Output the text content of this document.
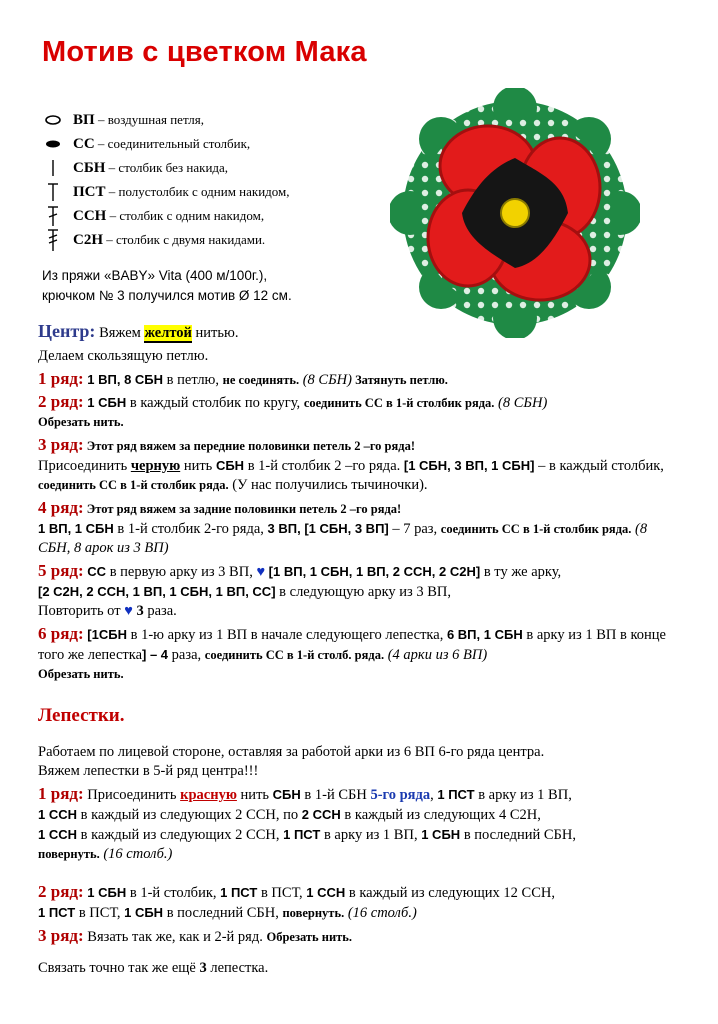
Мотив с цветком Мака
ВП – воздушная петля,
СС – соединительный столбик,
СБН – столбик без накида,
ПСТ – полустолбик с одним накидом,
ССН – столбик с одним накидом,
С2Н – столбик с двумя накидами.
Из пряжи «BABY» Vita (400 м/100г.),
крючком № 3 получился мотив Ø 12 см.

Центр: Вяжем желтой нитью.

Делаем скользящую петлю.

1 ряд: 1 ВП, 8 СБН в петлю, не соединять. (8 СБН) Затянуть петлю.

2 ряд: 1 СБН в каждый столбик по кругу, соединить СС в 1-й столбик ряда. (8 СБН)
Обрезать нить.

3 ряд: Этот ряд вяжем за передние половинки петель 2 –го ряда!
Присоединить черную нить СБН в 1-й столбик 2 –го ряда. [1 СБН, 3 ВП, 1 СБН] – в каждый столбик, соединить СС в 1-й столбик ряда. (У нас получились тычиночки).

4 ряд: Этот ряд вяжем за задние половинки петель 2 –го ряда!
1 ВП, 1 СБН в 1-й столбик 2-го ряда, 3 ВП, [1 СБН, 3 ВП] – 7 раз, соединить СС в 1-й столбик ряда. (8 СБН, 8 арок из 3 ВП)

5 ряд: СС в первую арку из 3 ВП, ♥ [1 ВП, 1 СБН, 1 ВП, 2 ССН, 2 С2Н] в ту же арку,
[2 С2Н, 2 ССН, 1 ВП, 1 СБН, 1 ВП, СС] в следующую арку из 3 ВП,
Повторить от ♥ 3 раза.

6 ряд: [1СБН в 1-ю арку из 1 ВП в начале следующего лепестка, 6 ВП, 1 СБН в арку из 1 ВП в конце того же лепестка] – 4 раза, соединить СС в 1-й столб. ряда. (4 арки из 6 ВП)
Обрезать нить.

Лепестки.

Работаем по лицевой стороне, оставляя за работой арки из 6 ВП 6-го ряда центра.

Вяжем лепестки в 5-й ряд центра!!!

1 ряд: Присоединить красную нить СБН в 1-й СБН 5-го ряда, 1 ПСТ в арку из 1 ВП,
1 ССН в каждый из следующих 2 ССН, по 2 ССН в каждый из следующих 4 С2Н,
1 ССН в каждый из следующих 2 ССН, 1 ПСТ в арку из 1 ВП, 1 СБН в последний СБН,
повернуть. (16 столб.)

2 ряд: 1 СБН в 1-й столбик, 1 ПСТ в ПСТ, 1 ССН в каждый из следующих 12 ССН,
1 ПСТ в ПСТ, 1 СБН в последний СБН, повернуть. (16 столб.)

3 ряд: Вязать так же, как и 2-й ряд. Обрезать нить.

Связать точно так же ещё 3 лепестка.
